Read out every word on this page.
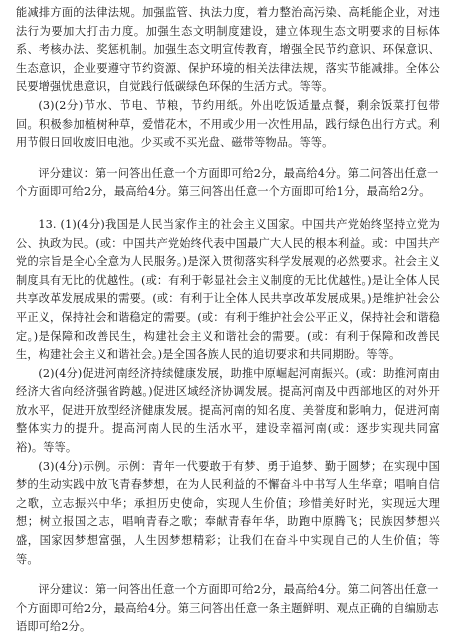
能减排方面的法律法规。加强监管、执法力度，着力整治高污染、高耗能企业，对违法行为要加大打击力度。加强生态文明制度建设，建立体现生态文明要求的目标体系、考核办法、奖惩机制。加强生态文明宣传教育，增强全民节约意识、环保意识、生态意识，企业要遵守节约资源、保护环境的相关法律法规，落实节能减排。全体公民要增强忧患意识，自觉践行低碳绿色环保的生活方式。等等。

(3)(2分)节水、节电、节粮，节约用纸。外出吃饭适量点餐，剩余饭菜打包带回。积极参加植树种草，爱惜花木，不用或少用一次性用品，践行绿色出行方式。利用节假日回收废旧电池。少买或不买光盘、磁带等物品。等等。

评分建议：第一问答出任意一个方面即可给2分，最高给4分。第二问答出任意一个方面即可给2分，最高给4分。第三问答出任意一个方面即可给1分，最高给2分。

13. (1)(4分)我国是人民当家作主的社会主义国家。中国共产党始终坚持立党为公、执政为民。(或：中国共产党始终代表中国最广大人民的根本利益。或：中国共产党的宗旨是全心全意为人民服务。)是深入贯彻落实科学发展观的必然要求。社会主义制度具有无比的优越性。(或：有利于彰显社会主义制度的无比优越性。)是让全体人民共享改革发展成果的需要。(或：有利于让全体人民共享改革发展成果。)是维护社会公平正义，保持社会和谐稳定的需要。(或：有利于维护社会公平正义，保持社会和谐稳定。)是保障和改善民生，构建社会主义和谐社会的需要。(或：有利于保障和改善民生，构建社会主义和谐社会。)是全国各族人民的追切要求和共同期盼。等等。

(2)(4分)促进河南经济持续健康发展，助推中原崛起河南振兴。(或：助推河南由经济大省向经济强省跨越。)促进区域经济协调发展。提高河南及中西部地区的对外开放水平，促进开放型经济健康发展。提高河南的知名度、美誉度和影响力，促进河南整体实力的提升。提高河南人民的生活水平，建设幸福河南(或：逐步实现共同富裕)。等等。

(3)(4分)示例。示例：青年一代要敢于有梦、勇于追梦、勤于圆梦；在实现中国梦的生动实践中放飞青春梦想，在为人民利益的不懈奋斗中书写人生华章；唱响自信之歌，立志振兴中华；承担历史使命，实现人生价值；珍惜美好时光，实现远大理想；树立报国之志，唱响青春之歌；奉献青春年华，助跑中原腾飞；民族因梦想兴盛，国家因梦想富强，人生因梦想精彩；让我们在奋斗中实现自己的人生价值；等等。

评分建议：第一问答出任意一个方面即可给2分，最高给4分。第二问答出任意一个方面即可给2分，最高给4分。第三问答出任意一条主题鲜明、观点正确的自编励志语即可给2分。
